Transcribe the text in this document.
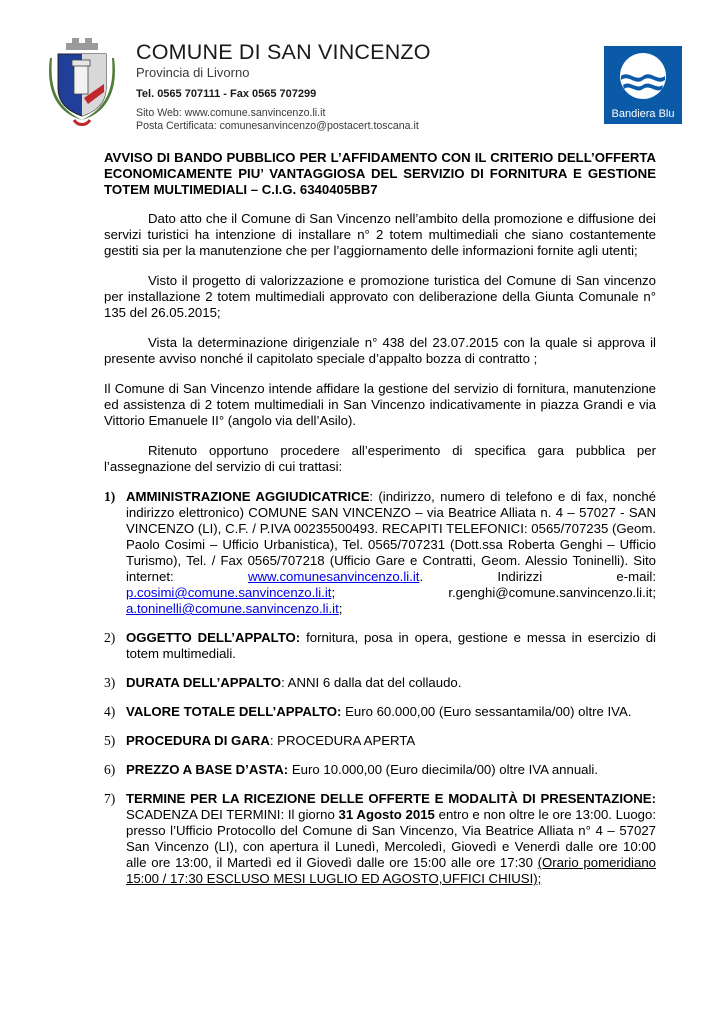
COMUNE DI SAN VINCENZO
Provincia di Livorno
Tel. 0565 707111 - Fax 0565 707299
Sito Web: www.comune.sanvincenzo.li.it
Posta Certificata: comunesanvincenzo@postacert.toscana.it
Bandiera Blu

AVVISO DI BANDO PUBBLICO PER L’AFFIDAMENTO CON IL CRITERIO DELL’OFFERTA ECONOMICAMENTE PIU’ VANTAGGIOSA DEL SERVIZIO DI FORNITURA E GESTIONE TOTEM MULTIMEDIALI – C.I.G. 6340405BB7

Dato atto che il Comune di San Vincenzo nell’ambito della promozione e diffusione dei servizi turistici ha intenzione di installare n° 2 totem multimediali che siano costantemente gestiti sia per la manutenzione che per l’aggiornamento delle informazioni fornite agli utenti;

Visto il progetto di valorizzazione e promozione turistica del Comune di San vincenzo per installazione 2 totem multimediali approvato con deliberazione della Giunta Comunale n° 135 del 26.05.2015;

Vista la determinazione dirigenziale n° 438 del 23.07.2015 con la quale si approva il presente avviso nonché il capitolato speciale d’appalto bozza di contratto ;

Il Comune di San Vincenzo intende affidare la gestione del servizio di fornitura, manutenzione ed assistenza di 2 totem multimediali in San Vincenzo indicativamente in piazza Grandi e via Vittorio Emanuele II° (angolo via dell’Asilo).

Ritenuto opportuno procedere all’esperimento di specifica gara pubblica per l’assegnazione del servizio di cui trattasi:

1) AMMINISTRAZIONE AGGIUDICATRICE: (indirizzo, numero di telefono e di fax, nonché indirizzo elettronico) COMUNE SAN VINCENZO – via Beatrice Alliata n. 4 – 57027 - SAN VINCENZO (LI), C.F. / P.IVA 00235500493. RECAPITI TELEFONICI: 0565/707235 (Geom. Paolo Cosimi – Ufficio Urbanistica), Tel. 0565/707231 (Dott.ssa Roberta Genghi – Ufficio Turismo), Tel. / Fax 0565/707218 (Ufficio Gare e Contratti, Geom. Alessio Toninelli). Sito internet: www.comunesanvincenzo.li.it. Indirizzi e-mail: p.cosimi@comune.sanvincenzo.li.it; r.genghi@comune.sanvincenzo.li.it; a.toninelli@comune.sanvincenzo.li.it;
2) OGGETTO DELL’APPALTO: fornitura, posa in opera, gestione e messa in esercizio di totem multimediali.
3) DURATA DELL’APPALTO: ANNI 6 dalla dat del collaudo.
4) VALORE TOTALE DELL’APPALTO: Euro 60.000,00 (Euro sessantamila/00) oltre IVA.
5) PROCEDURA DI GARA: PROCEDURA APERTA
6) PREZZO A BASE D’ASTA: Euro 10.000,00 (Euro diecimila/00) oltre IVA annuali.
7) TERMINE PER LA RICEZIONE DELLE OFFERTE E MODALITÀ DI PRESENTAZIONE: SCADENZA DEI TERMINI: Il giorno 31 Agosto 2015 entro e non oltre le ore 13:00. Luogo: presso l’Ufficio Protocollo del Comune di San Vincenzo, Via Beatrice Alliata n° 4 – 57027 San Vincenzo (LI), con apertura il Lunedì, Mercoledì, Giovedì e Venerdì dalle ore 10:00 alle ore 13:00, il Martedì ed il Giovedì dalle ore 15:00 alle ore 17:30 (Orario pomeridiano 15:00 / 17:30 ESCLUSO MESI LUGLIO ED AGOSTO,UFFICI CHIUSI);
